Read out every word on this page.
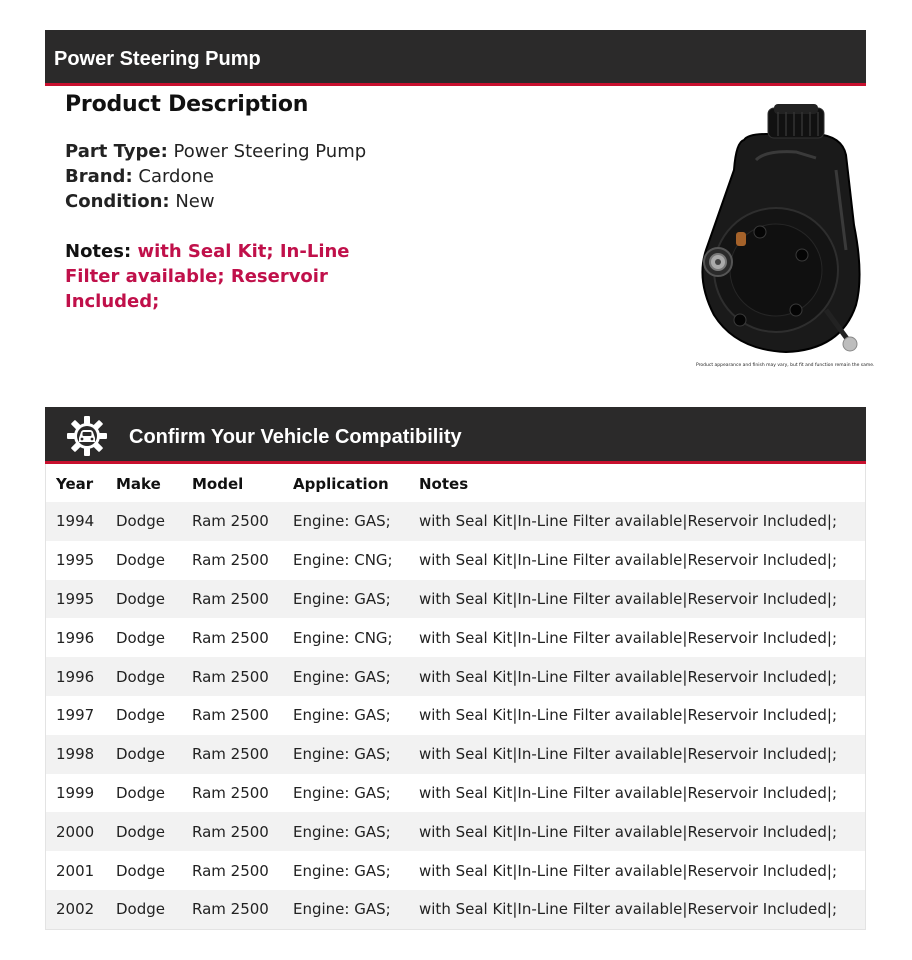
Power Steering Pump
Product Description
Part Type: Power Steering Pump
Brand: Cardone
Condition: New
Notes: with Seal Kit; In-Line Filter available; Reservoir Included;
Product appearance and finish may vary, but fit and function remain the same.
Confirm Your Vehicle Compatibility
Year	Make	Model	Application	Notes
1994	Dodge	Ram 2500	Engine: GAS;	with Seal Kit|In-Line Filter available|Reservoir Included|;
1995	Dodge	Ram 2500	Engine: CNG;	with Seal Kit|In-Line Filter available|Reservoir Included|;
1995	Dodge	Ram 2500	Engine: GAS;	with Seal Kit|In-Line Filter available|Reservoir Included|;
1996	Dodge	Ram 2500	Engine: CNG;	with Seal Kit|In-Line Filter available|Reservoir Included|;
1996	Dodge	Ram 2500	Engine: GAS;	with Seal Kit|In-Line Filter available|Reservoir Included|;
1997	Dodge	Ram 2500	Engine: GAS;	with Seal Kit|In-Line Filter available|Reservoir Included|;
1998	Dodge	Ram 2500	Engine: GAS;	with Seal Kit|In-Line Filter available|Reservoir Included|;
1999	Dodge	Ram 2500	Engine: GAS;	with Seal Kit|In-Line Filter available|Reservoir Included|;
2000	Dodge	Ram 2500	Engine: GAS;	with Seal Kit|In-Line Filter available|Reservoir Included|;
2001	Dodge	Ram 2500	Engine: GAS;	with Seal Kit|In-Line Filter available|Reservoir Included|;
2002	Dodge	Ram 2500	Engine: GAS;	with Seal Kit|In-Line Filter available|Reservoir Included|;
